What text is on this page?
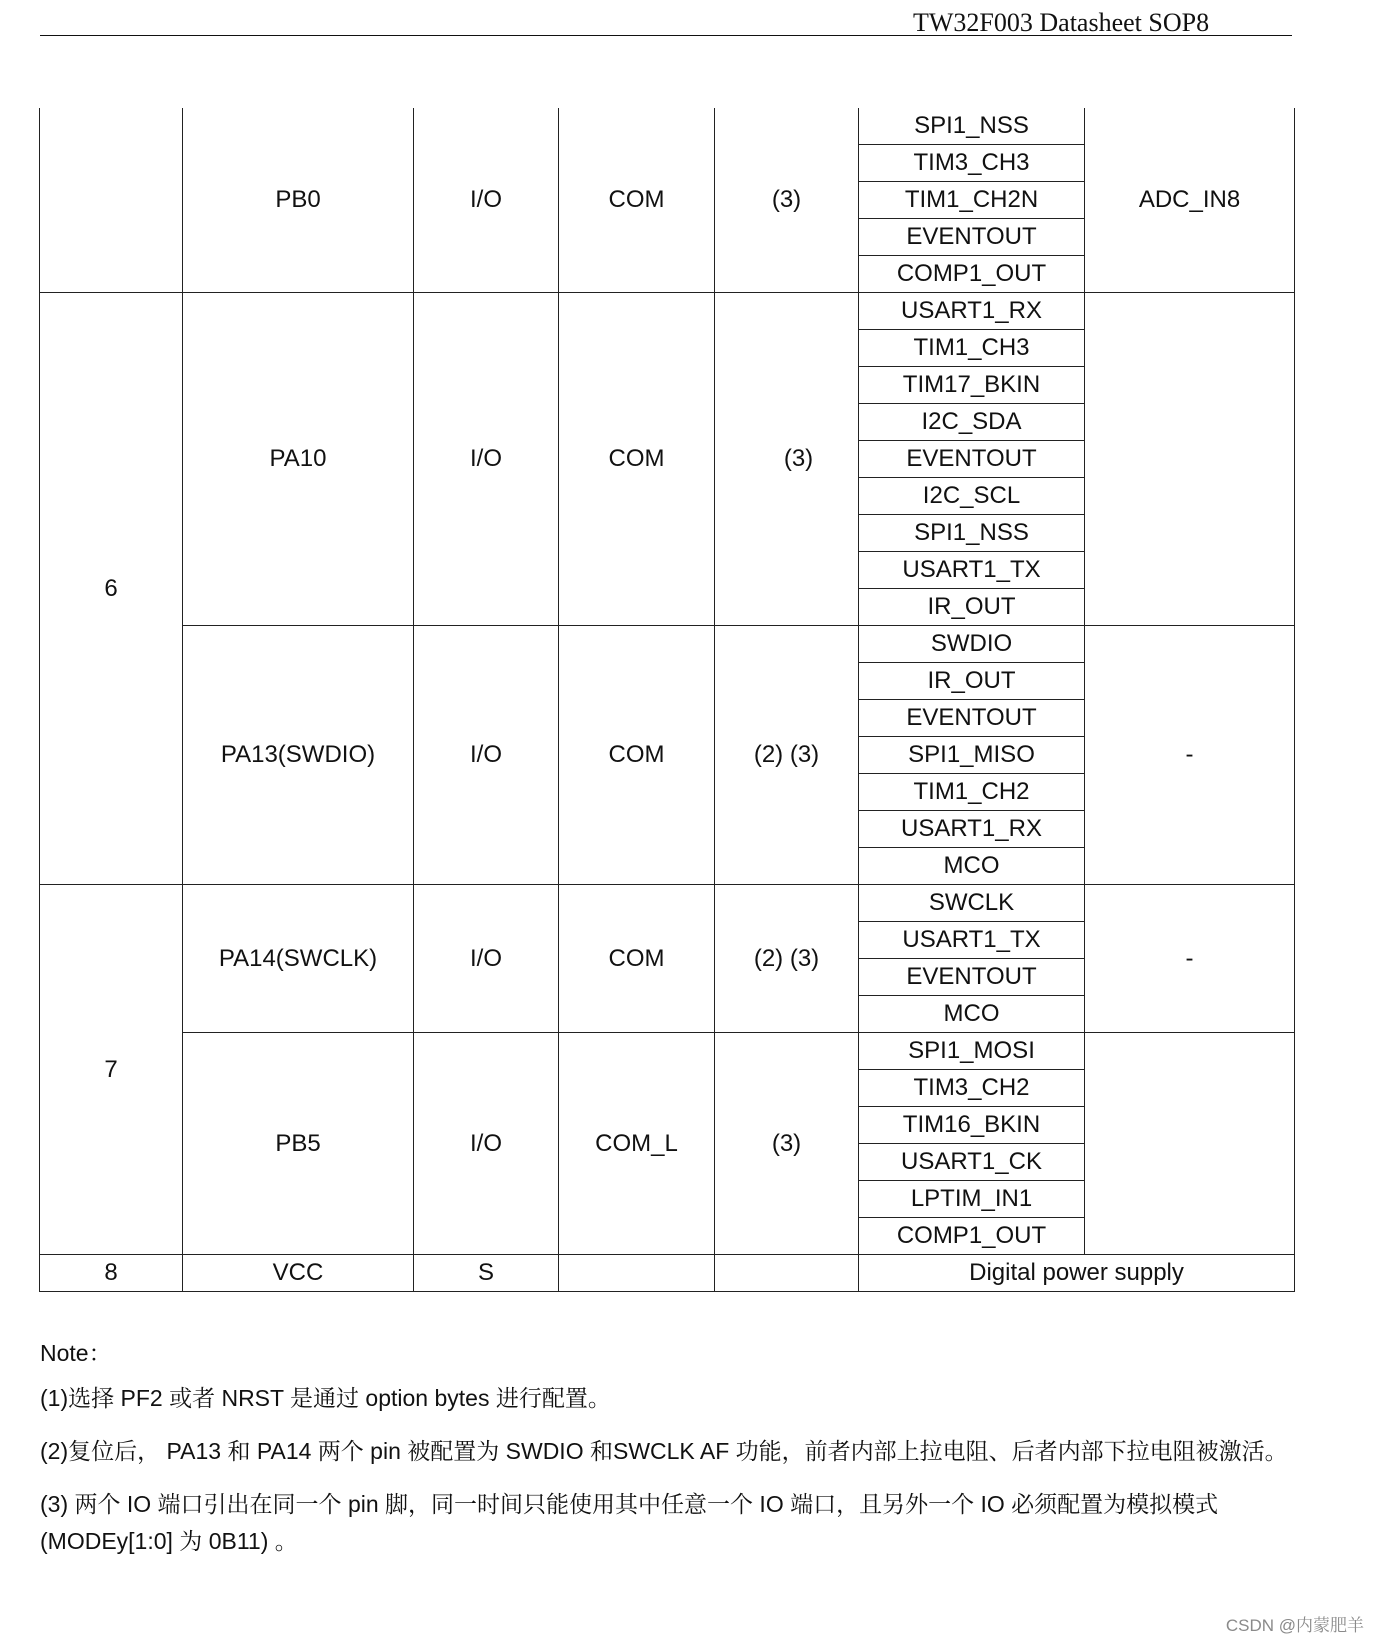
TW32F003 Datasheet SOP8
	PB0	I/O	COM	(3)	SPI1_NSS	ADC_IN8
					TIM3_CH3	
					TIM1_CH2N	
					EVENTOUT	
					COMP1_OUT	
6	PA10	I/O	COM	(3)	USART1_RX	
					TIM1_CH3	
					TIM17_BKIN	
					I2C_SDA	
					EVENTOUT	
					I2C_SCL	
					SPI1_NSS	
					USART1_TX	
					IR_OUT	
	PA13(SWDIO)	I/O	COM	(2) (3)	SWDIO	-
					IR_OUT	
					EVENTOUT	
					SPI1_MISO	
					TIM1_CH2	
					USART1_RX	
					MCO	
7	PA14(SWCLK)	I/O	COM	(2) (3)	SWCLK	-
					USART1_TX	
					EVENTOUT	
					MCO	
	PB5	I/O	COM_L	(3)	SPI1_MOSI	
					TIM3_CH2	
					TIM16_BKIN	
					USART1_CK	
					LPTIM_IN1	
					COMP1_OUT	
8	VCC	S			Digital power supply	

Note：

(1)选择 PF2 或者 NRST 是通过 option bytes 进行配置。

(2)复位后， PA13 和 PA14 两个 pin 被配置为 SWDIO 和SWCLK AF 功能，前者内部上拉电阻、后者内部下拉电阻被激活。

(3) 两个 IO 端口引出在同一个 pin 脚，同一时间只能使用其中任意一个 IO 端口，且另外一个 IO 必须配置为模拟模式(MODEy[1:0] 为 0B11) 。

CSDN @内蒙肥羊
